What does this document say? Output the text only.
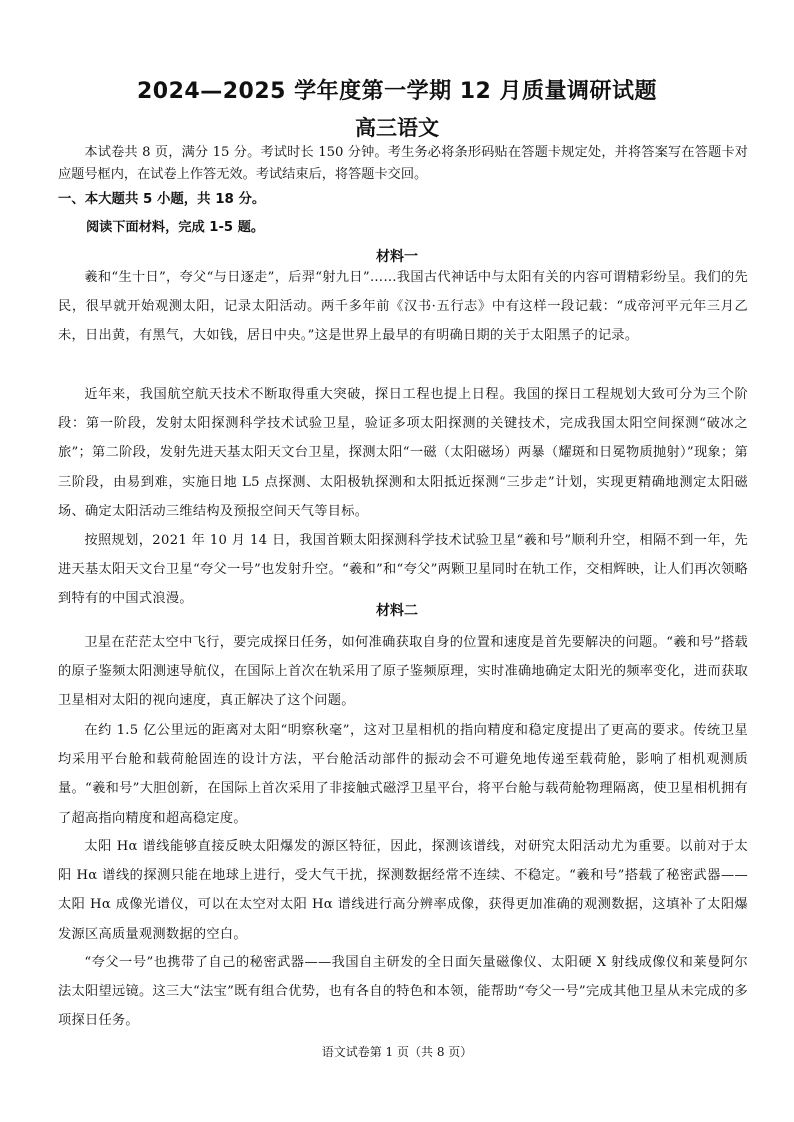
2024—2025 学年度第一学期 12 月质量调研试题
高三语文
本试卷共 8 页，满分 15 分。考试时长 150 分钟。考生务必将条形码贴在答题卡规定处，并将答案写在答题卡对应题号框内，在试卷上作答无效。考试结束后，将答题卡交回。
一、本大题共 5 小题，共 18 分。
阅读下面材料，完成 1-5 题。
材料一
羲和“生十日”，夸父“与日逐走”，后羿“射九日”……我国古代神话中与太阳有关的内容可谓精彩纷呈。我们的先民，很早就开始观测太阳，记录太阳活动。两千多年前《汉书·五行志》中有这样一段记载：“成帝河平元年三月乙未，日出黄，有黑气，大如钱，居日中央。”这是世界上最早的有明确日期的关于太阳黑子的记录。
近年来，我国航空航天技术不断取得重大突破，探日工程也提上日程。我国的探日工程规划大致可分为三个阶段：第一阶段，发射太阳探测科学技术试验卫星，验证多项太阳探测的关键技术，完成我国太阳空间探测“破冰之旅”；第二阶段，发射先进天基太阳天文台卫星，探测太阳“一磁（太阳磁场）两暴（耀斑和日冕物质抛射）”现象；第三阶段，由易到难，实施日地 L5 点探测、太阳极轨探测和太阳抵近探测“三步走”计划，实现更精确地测定太阳磁场、确定太阳活动三维结构及预报空间天气等目标。
按照规划，2021 年 10 月 14 日，我国首颗太阳探测科学技术试验卫星“羲和号”顺利升空，相隔不到一年，先进天基太阳天文台卫星“夸父一号”也发射升空。“羲和”和“夸父”两颗卫星同时在轨工作，交相辉映，让人们再次领略到特有的中国式浪漫。
材料二
卫星在茫茫太空中飞行，要完成探日任务，如何准确获取自身的位置和速度是首先要解决的问题。“羲和号”搭载的原子鉴频太阳测速导航仪，在国际上首次在轨采用了原子鉴频原理，实时准确地确定太阳光的频率变化，进而获取卫星相对太阳的视向速度，真正解决了这个问题。
在约 1.5 亿公里远的距离对太阳“明察秋毫”，这对卫星相机的指向精度和稳定度提出了更高的要求。传统卫星均采用平台舱和载荷舱固连的设计方法，平台舱活动部件的振动会不可避免地传递至载荷舱，影响了相机观测质量。“羲和号”大胆创新，在国际上首次采用了非接触式磁浮卫星平台，将平台舱与载荷舱物理隔离，使卫星相机拥有了超高指向精度和超高稳定度。
太阳 Hα 谱线能够直接反映太阳爆发的源区特征，因此，探测该谱线，对研究太阳活动尤为重要。以前对于太阳 Hα 谱线的探测只能在地球上进行，受大气干扰，探测数据经常不连续、不稳定。“羲和号”搭载了秘密武器——太阳 Hα 成像光谱仪，可以在太空对太阳 Hα 谱线进行高分辨率成像，获得更加准确的观测数据，这填补了太阳爆发源区高质量观测数据的空白。
“夸父一号”也携带了自己的秘密武器——我国自主研发的全日面矢量磁像仪、太阳硬 X 射线成像仪和莱曼阿尔法太阳望远镜。这三大“法宝”既有组合优势，也有各自的特色和本领，能帮助“夸父一号”完成其他卫星从未完成的多项探日任务。
语文试卷第 1 页（共 8 页）
